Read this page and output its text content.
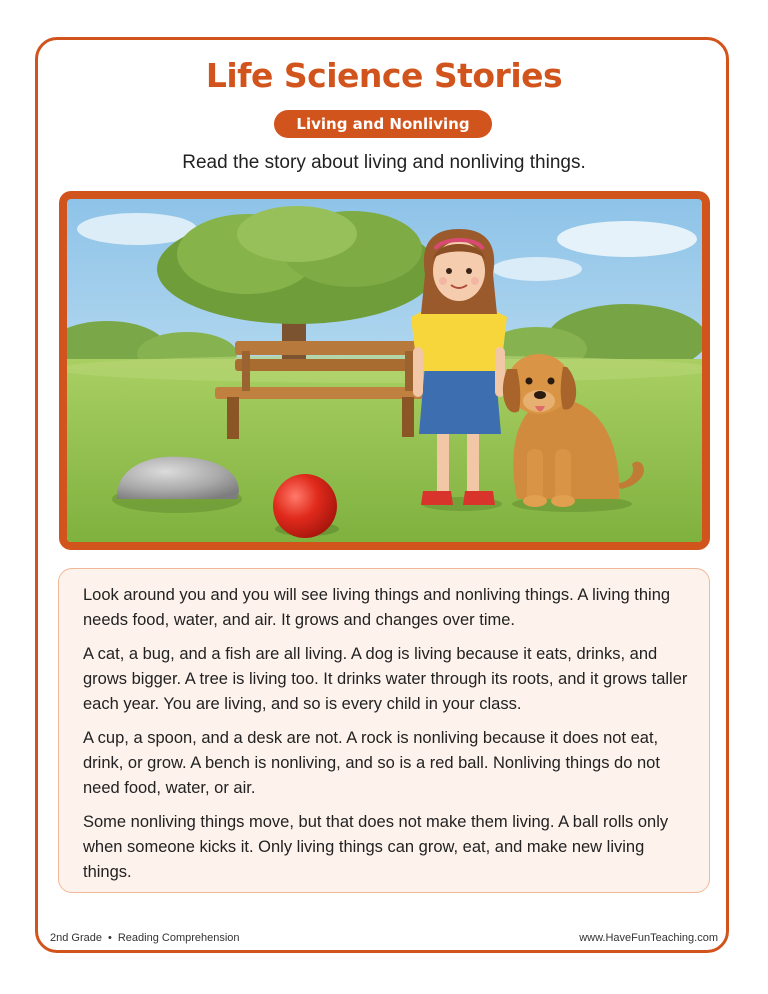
Life Science Stories
Living and Nonliving
Read the story about living and nonliving things.

Look around you and you will see living things and nonliving things. A living thing needs food, water, and air. It grows and changes over time.

A cat, a bug, and a fish are all living. A dog is living because it eats, drinks, and grows bigger. A tree is living too. It drinks water through its roots, and it grows taller each year. You are living, and so is every child in your class.

A cup, a spoon, and a desk are not. A rock is nonliving because it does not eat, drink, or grow. A bench is nonliving, and so is a red ball. Nonliving things do not need food, water, or air.

Some nonliving things move, but that does not make them living. A ball rolls only when someone kicks it. Only living things can grow, eat, and make new living things.

2nd Grade • Reading Comprehension	www.HaveFunTeaching.com
